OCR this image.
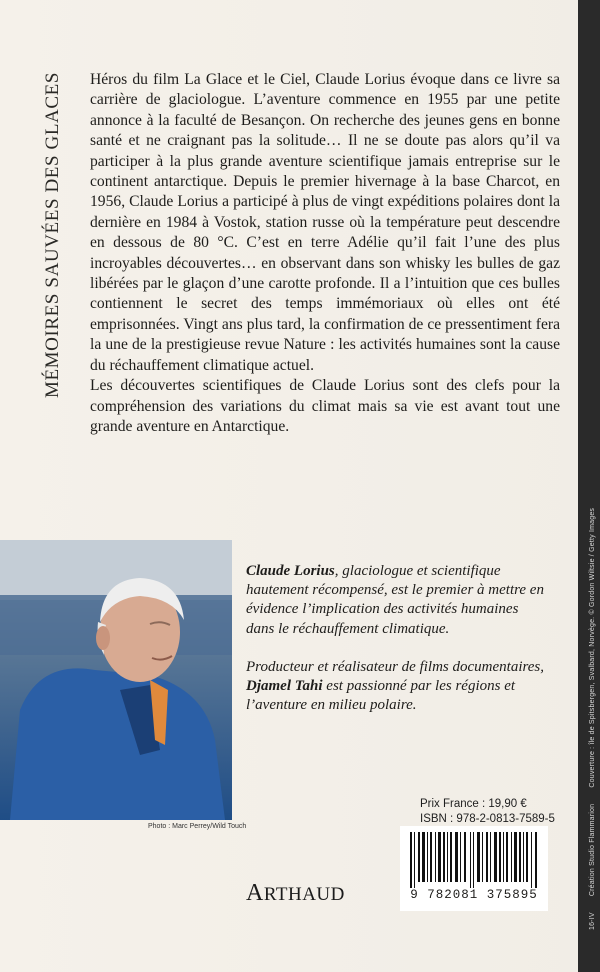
MÉMOIRES SAUVÉES DES GLACES Héros du film La Glace et le Ciel, Claude Lorius évoque dans ce livre sa carrière de glaciologue. L’aventure commence en 1955 par une petite annonce à la faculté de Besançon. On recherche des jeunes gens en bonne santé et ne craignant pas la solitude… Il ne se doute pas alors qu’il va participer à la plus grande aventure scientifique jamais entreprise sur le continent antarctique. Depuis le premier hivernage à la base Charcot, en 1956, Claude Lorius a participé à plus de vingt expéditions polaires dont la dernière en 1984 à Vostok, station russe où la température peut descendre en dessous de 80 °C. C’est en terre Adélie qu’il fait l’une des plus incroyables découvertes… en observant dans son whisky les bulles de gaz libérées par le glaçon d’une carotte profonde. Il a l’intuition que ces bulles contiennent le secret des temps immémoriaux où elles ont été emprisonnées. Vingt ans plus tard, la confirmation de ce pressentiment fera la une de la prestigieuse revue Nature : les activités humaines sont la cause du réchauffement climatique actuel.

Les découvertes scientifiques de Claude Lorius sont des clefs pour la compréhension des variations du climat mais sa vie est avant tout une grande aventure en Antarctique.

Photo : Marc Perrey/Wild Touch

Claude Lorius, glaciologue et scientifique hautement récompensé, est le premier à mettre en évidence l’implication des activités humaines dans le réchauffement climatique.

Producteur et réalisateur de films documentaires, Djamel Tahi est passionné par les régions et l’aventure en milieu polaire.

Prix France : 19,90 €
ISBN : 978-2-0813-7589-5
9 782081 375895
ARTHAUD
16-IV Création Studio Flammarion Couverture : île de Spitsbergen, Svalbard, Norvège. © Gordon Wiltsie / Getty Images
